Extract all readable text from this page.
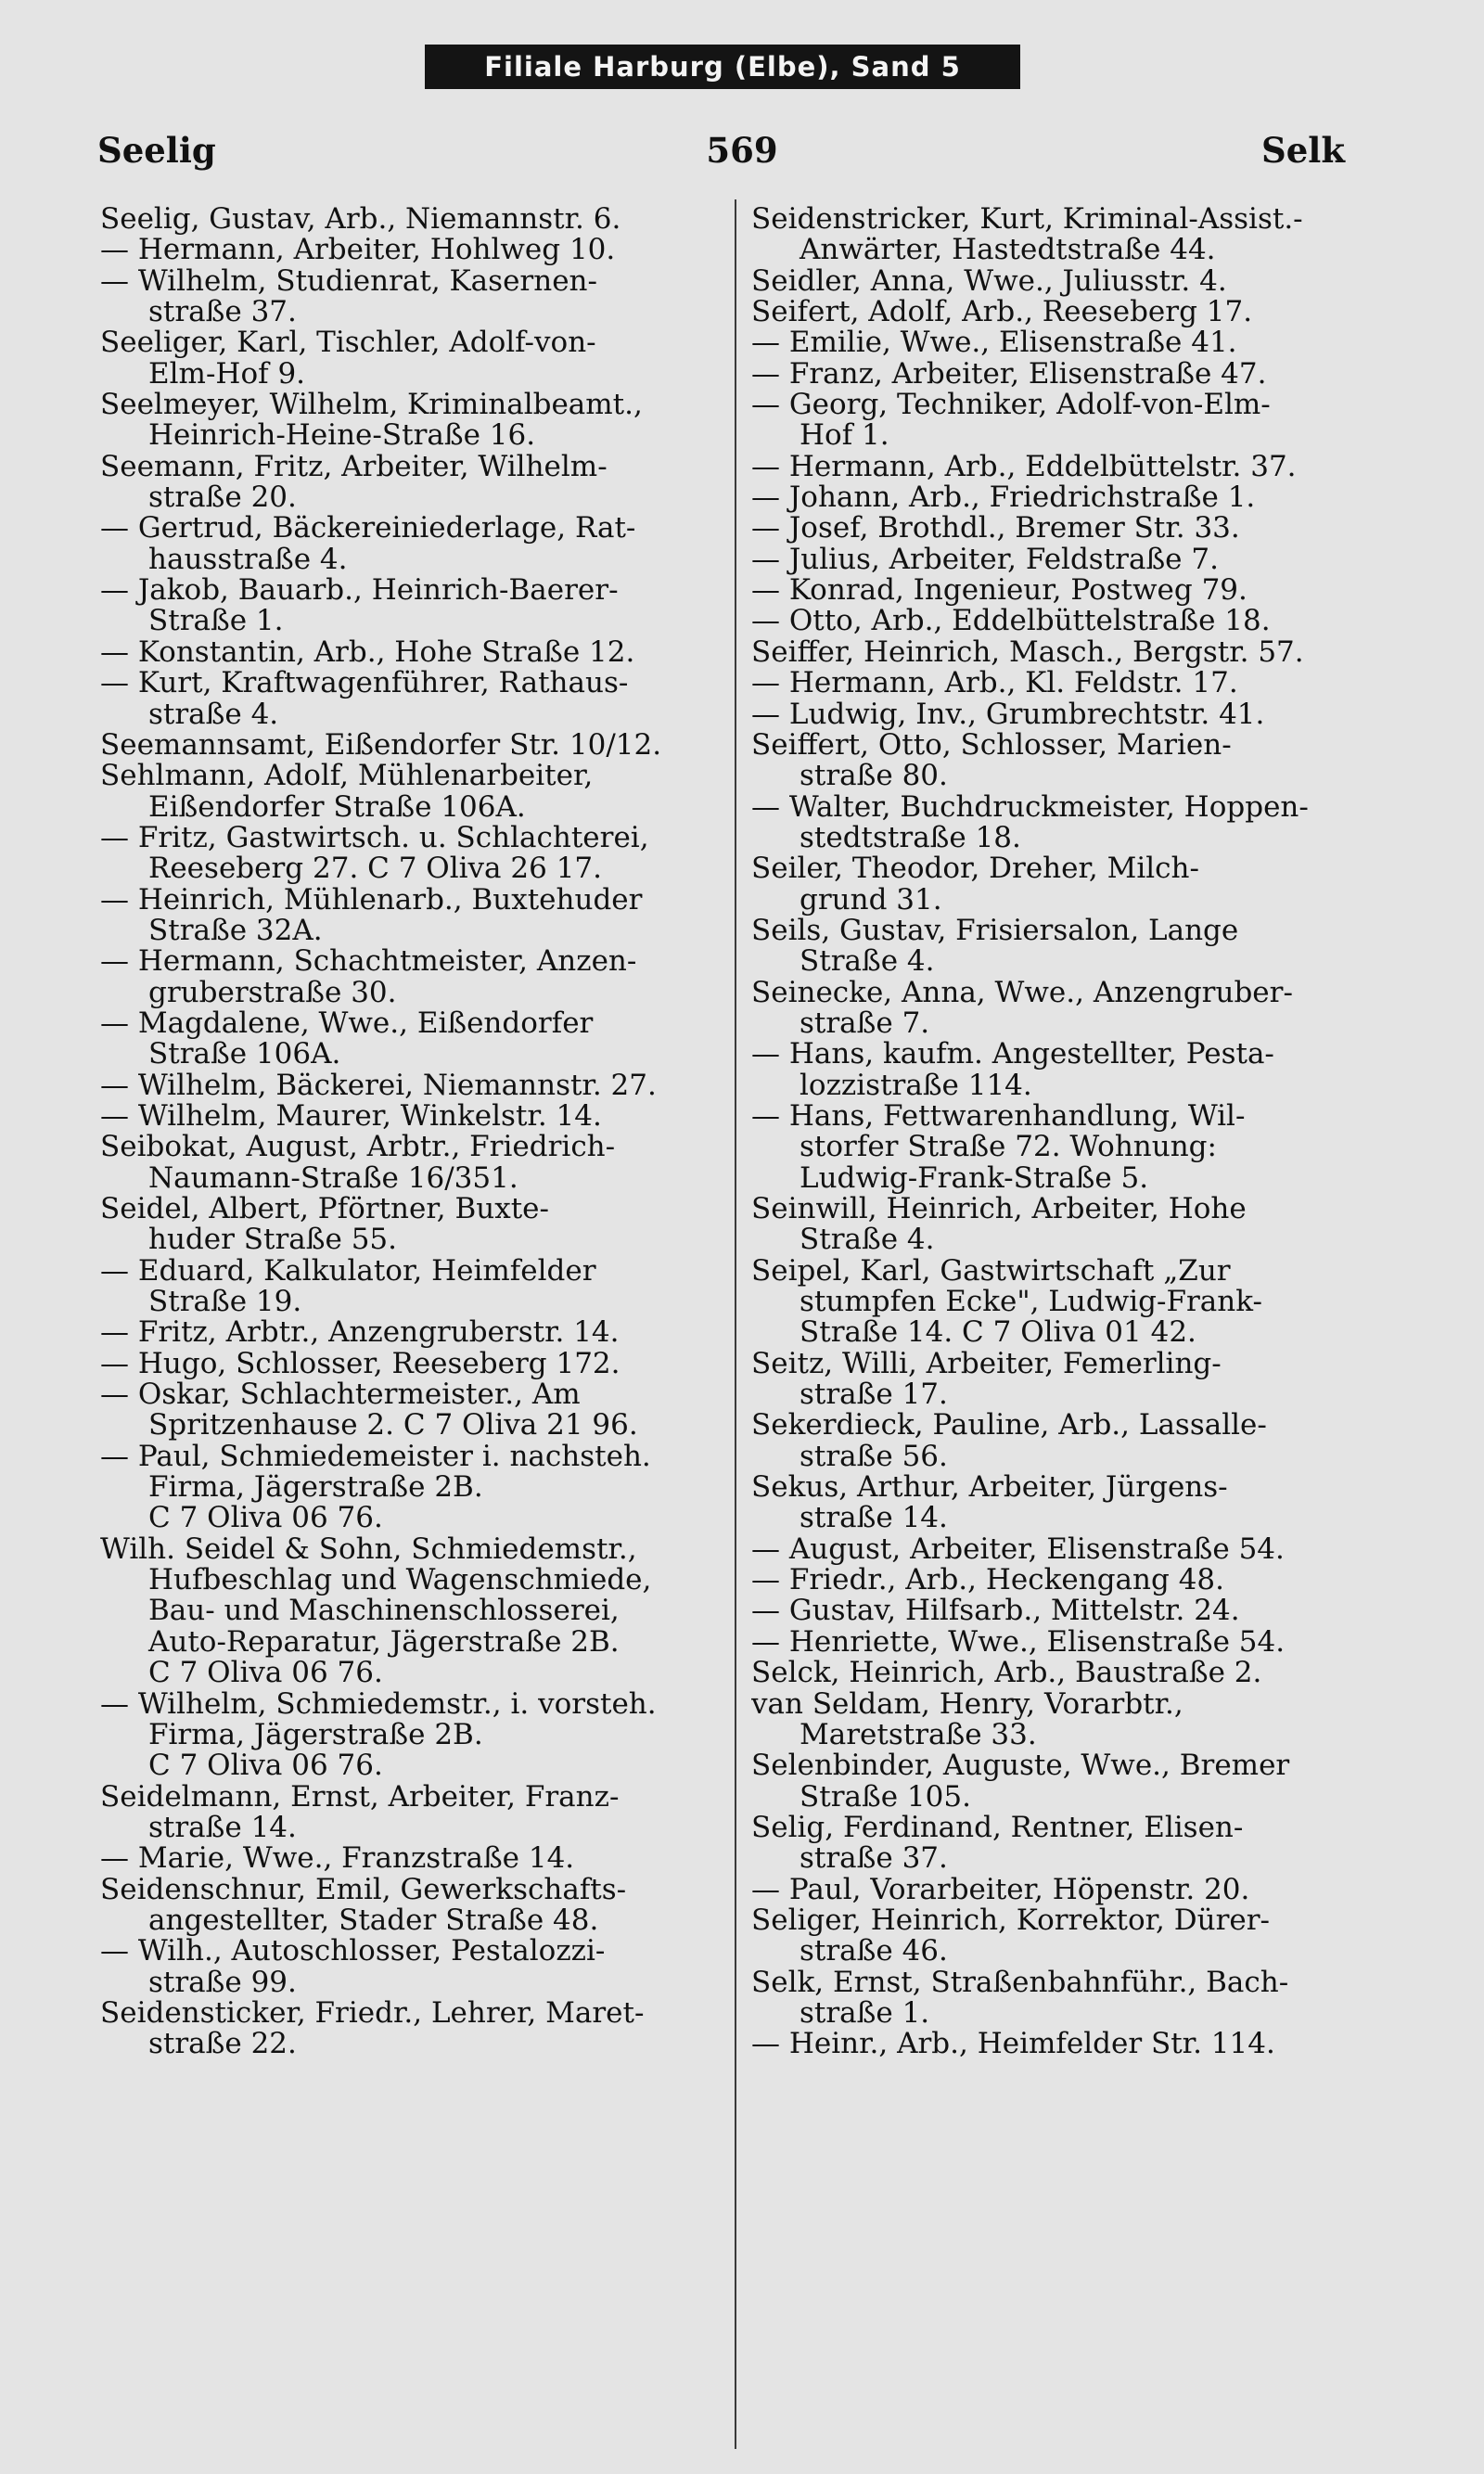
Filiale Harburg (Elbe), Sand 5
Seelig	569	Selk
Seelig, Gustav, Arb., Niemannstr. 6.
— Hermann, Arbeiter, Hohlweg 10.
— Wilhelm, Studienrat, Kasernen-
straße 37.
Seeliger, Karl, Tischler, Adolf-von-
Elm-Hof 9.
Seelmeyer, Wilhelm, Kriminalbeamt.,
Heinrich-Heine-Straße 16.
Seemann, Fritz, Arbeiter, Wilhelm-
straße 20.
— Gertrud, Bäckereiniederlage, Rat-
hausstraße 4.
— Jakob, Bauarb., Heinrich-Baerer-
Straße 1.
— Konstantin, Arb., Hohe Straße 12.
— Kurt, Kraftwagenführer, Rathaus-
straße 4.
Seemannsamt, Eißendorfer Str. 10/12.
Sehlmann, Adolf, Mühlenarbeiter,
Eißendorfer Straße 106A.
— Fritz, Gastwirtsch. u. Schlachterei,
Reeseberg 27. C 7 Oliva 26 17.
— Heinrich, Mühlenarb., Buxtehuder
Straße 32A.
— Hermann, Schachtmeister, Anzen-
gruberstraße 30.
— Magdalene, Wwe., Eißendorfer
Straße 106A.
— Wilhelm, Bäckerei, Niemannstr. 27.
— Wilhelm, Maurer, Winkelstr. 14.
Seibokat, August, Arbtr., Friedrich-
Naumann-Straße 16/351.
Seidel, Albert, Pförtner, Buxte-
huder Straße 55.
— Eduard, Kalkulator, Heimfelder
Straße 19.
— Fritz, Arbtr., Anzengruberstr. 14.
— Hugo, Schlosser, Reeseberg 172.
— Oskar, Schlachtermeister., Am
Spritzenhause 2. C 7 Oliva 21 96.
— Paul, Schmiedemeister i. nachsteh.
Firma, Jägerstraße 2B.
C 7 Oliva 06 76.
Wilh. Seidel & Sohn, Schmiedemstr.,
Hufbeschlag und Wagenschmiede,
Bau- und Maschinenschlosserei,
Auto-Reparatur, Jägerstraße 2B.
C 7 Oliva 06 76.
— Wilhelm, Schmiedemstr., i. vorsteh.
Firma, Jägerstraße 2B.
C 7 Oliva 06 76.
Seidelmann, Ernst, Arbeiter, Franz-
straße 14.
— Marie, Wwe., Franzstraße 14.
Seidenschnur, Emil, Gewerkschafts-
angestellter, Stader Straße 48.
— Wilh., Autoschlosser, Pestalozzi-
straße 99.
Seidensticker, Friedr., Lehrer, Maret-
straße 22.
Seidenstricker, Kurt, Kriminal-Assist.-
Anwärter, Hastedtstraße 44.
Seidler, Anna, Wwe., Juliusstr. 4.
Seifert, Adolf, Arb., Reeseberg 17.
— Emilie, Wwe., Elisenstraße 41.
— Franz, Arbeiter, Elisenstraße 47.
— Georg, Techniker, Adolf-von-Elm-
Hof 1.
— Hermann, Arb., Eddelbüttelstr. 37.
— Johann, Arb., Friedrichstraße 1.
— Josef, Brothdl., Bremer Str. 33.
— Julius, Arbeiter, Feldstraße 7.
— Konrad, Ingenieur, Postweg 79.
— Otto, Arb., Eddelbüttelstraße 18.
Seiffer, Heinrich, Masch., Bergstr. 57.
— Hermann, Arb., Kl. Feldstr. 17.
— Ludwig, Inv., Grumbrechtstr. 41.
Seiffert, Otto, Schlosser, Marien-
straße 80.
— Walter, Buchdruckmeister, Hoppen-
stedtstraße 18.
Seiler, Theodor, Dreher, Milch-
grund 31.
Seils, Gustav, Frisiersalon, Lange
Straße 4.
Seinecke, Anna, Wwe., Anzengruber-
straße 7.
— Hans, kaufm. Angestellter, Pesta-
lozzistraße 114.
— Hans, Fettwarenhandlung, Wil-
storfer Straße 72. Wohnung:
Ludwig-Frank-Straße 5.
Seinwill, Heinrich, Arbeiter, Hohe
Straße 4.
Seipel, Karl, Gastwirtschaft „Zur
stumpfen Ecke", Ludwig-Frank-
Straße 14. C 7 Oliva 01 42.
Seitz, Willi, Arbeiter, Femerling-
straße 17.
Sekerdieck, Pauline, Arb., Lassalle-
straße 56.
Sekus, Arthur, Arbeiter, Jürgens-
straße 14.
— August, Arbeiter, Elisenstraße 54.
— Friedr., Arb., Heckengang 48.
— Gustav, Hilfsarb., Mittelstr. 24.
— Henriette, Wwe., Elisenstraße 54.
Selck, Heinrich, Arb., Baustraße 2.
van Seldam, Henry, Vorarbtr.,
Maretstraße 33.
Selenbinder, Auguste, Wwe., Bremer
Straße 105.
Selig, Ferdinand, Rentner, Elisen-
straße 37.
— Paul, Vorarbeiter, Höpenstr. 20.
Seliger, Heinrich, Korrektor, Dürer-
straße 46.
Selk, Ernst, Straßenbahnführ., Bach-
straße 1.
— Heinr., Arb., Heimfelder Str. 114.
